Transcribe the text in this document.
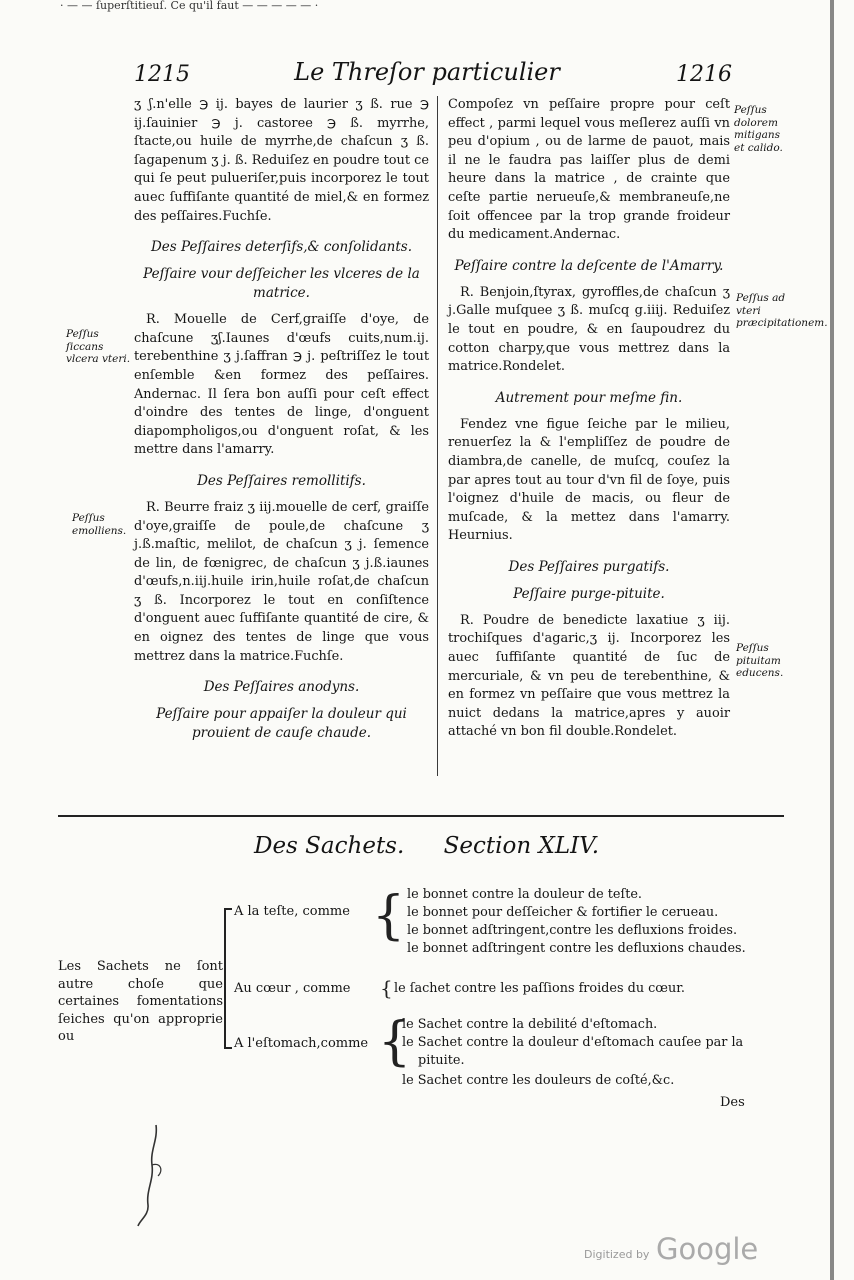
· — — ſuperſtitieuſ. Ce qu'il faut — — — — — ·
1215	Le Threſor particulier	1216

ʒ ʃ.n'elle ℈ ij. bayes de laurier ʒ ß. rue ℈ ij.ſauinier ℈ j. castoree ℈ ß. myrrhe, ſtacte,ou huile de myrrhe,de chaſcun ʒ ß. ſagapenum ʒ j. ß. Reduiſez en poudre tout ce qui ſe peut pulueriſer,puis incorporez le tout auec ſuffiſante quantité de miel,& en formez des peſſaires.Fuchſe.

Des Peſſaires deterſifs,& conſolidants.
Peſſaire vour deſſeicher les vlceres de la matrice.

R. Mouelle de Cerf,graiſſe d'oye, de chaſcune ʒʃ.Iaunes d'œufs cuits,num.ij. terebenthine ʒ j.ſaffran ℈ j. peſtriſſez le tout enſemble &en formez des peſſaires. Andernac. Il ſera bon auſſi pour ceſt effect d'oindre des tentes de linge, d'onguent diapompholigos,ou d'onguent roſat, & les mettre dans l'amarry.

Des Peſſaires remollitifs.

R. Beurre fraiz ʒ iij.mouelle de cerf, graiſſe d'oye,graiſſe de poule,de chaſcune ʒ j.ß.maſtic, melilot, de chaſcun ʒ j. ſemence de lin, de fœnigrec, de chaſcun ʒ j.ß.iaunes d'œufs,n.iij.huile irin,huile roſat,de chaſcun ʒ ß. Incorporez le tout en conſiſtence d'onguent auec ſuffiſante quantité de cire, & en oignez des tentes de linge que vous mettrez dans la matrice.Fuchſe.

Des Peſſaires anodyns.
Peſſaire pour appaiſer la douleur qui prouient de cauſe chaude.

Compoſez vn peſſaire propre pour ceſt effect , parmi lequel vous meſlerez auſſi vn peu d'opium , ou de larme de pauot, mais il ne le faudra pas laiſſer plus de demi heure dans la matrice , de crainte que ceſte partie nerueuſe,& membraneuſe,ne ſoit offencee par la trop grande froideur du medicament.Andernac.

Peſſaire contre la deſcente de l'Amarry.

R. Benjoin,ſtyrax, gyroffles,de chaſcun ʒ j.Galle muſquee ʒ ß. muſcq g.iiij. Reduiſez le tout en poudre, & en ſaupoudrez du cotton charpy,que vous mettrez dans la matrice.Rondelet.

Autrement pour meſme fin.

Fendez vne figue ſeiche par le milieu, renuerſez la & l'empliſſez de poudre de diambra,de canelle, de muſcq, couſez la par apres tout au tour d'vn fil de ſoye, puis l'oignez d'huile de macis, ou fleur de muſcade, & la mettez dans l'amarry. Heurnius.

Des Peſſaires purgatifs.
Peſſaire purge-pituite.

R. Poudre de benedicte laxatiue ʒ iij. trochiſques d'agaric,ʒ ij. Incorporez les auec ſuffiſante quantité de ſuc de mercuriale, & vn peu de terebenthine, & en formez vn peſſaire que vous mettrez la nuict dedans la matrice,apres y auoir attaché vn bon fil double.Rondelet.

Peſſus ſiccans vlcera vteri.
Peſſus emolliens.
Peſſus dolorem mitigans et calido.
Peſſus ad vteri præcipitationem.
Peſſus pituitam educens.
Des Sachets. Section XLIV.
Les Sachets ne ſont autre choſe que certaines fomentations ſeiches qu'on approprie ou
A la teſte, comme
Au cœur , comme
A l'eſtomach,comme
{
{
{
le bonnet contre la douleur de teſte.
le bonnet pour deſſeicher & fortifier le cerueau.
le bonnet adſtringent,contre les defluxions froides.
le bonnet adſtringent contre les defluxions chaudes.
le ſachet contre les paſſions froides du cœur.
le Sachet contre la debilité d'eſtomach.
le Sachet contre la douleur d'eſtomach cauſee par la
pituite.
le Sachet contre les douleurs de coſté,&c.
Des
Digitized by Google
